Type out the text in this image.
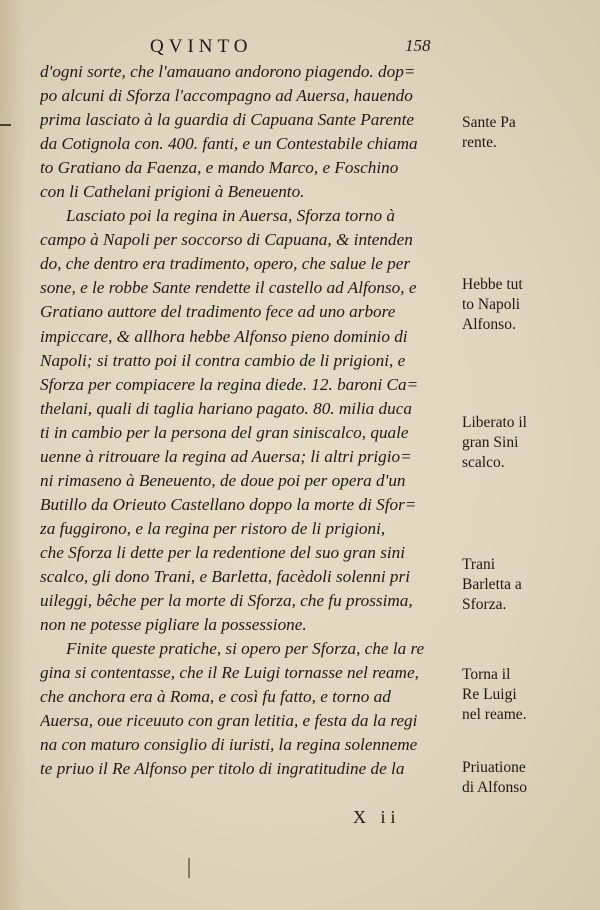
QVINTO	158
d'ogni sorte, che l'amauano andorono piagendo. dop=
po alcuni di Sforza l'accompagno ad Auersa, hauendo
prima lasciato à la guardia di Capuana Sante Parente
da Cotignola con. 400. fanti, e un Contestabile chiama
to Gratiano da Faenza, e mando Marco, e Foschino
con li Cathelani prigioni à Beneuento.
Lasciato poi la regina in Auersa, Sforza torno à
campo à Napoli per soccorso di Capuana, & intenden
do, che dentro era tradimento, opero, che salue le per
sone, e le robbe Sante rendette il castello ad Alfonso, e
Gratiano auttore del tradimento fece ad uno arbore
impiccare, & allhora hebbe Alfonso pieno dominio di
Napoli; si tratto poi il contra cambio de li prigioni, e
Sforza per compiacere la regina diede. 12. baroni Ca=
thelani, quali di taglia hariano pagato. 80. milia duca
ti in cambio per la persona del gran siniscalco, quale
uenne à ritrouare la regina ad Auersa; li altri prigio=
ni rimaseno à Beneuento, de doue poi per opera d'un
Butillo da Orieuto Castellano doppo la morte di Sfor=
za fuggirono, e la regina per ristoro de li prigioni,
che Sforza li dette per la redentione del suo gran sini
scalco, gli dono Trani, e Barletta, facèdoli solenni pri
uileggi, bêche per la morte di Sforza, che fu prossima,
non ne potesse pigliare la possessione.
Finite queste pratiche, si opero per Sforza, che la re
gina si contentasse, che il Re Luigi tornasse nel reame,
che anchora era à Roma, e così fu fatto, e torno ad
Auersa, oue riceuuto con gran letitia, e festa da la regi
na con maturo consiglio di iuristi, la regina solenneme
te priuo il Re Alfonso per titolo di ingratitudine de la
Sante Pa
rente.
Hebbe tut
to Napoli
Alfonso.
Liberato il
gran Sini
scalco.
Trani
Barletta a
Sforza.
Torna il
Re Luigi
nel reame.
Priuatione
di Alfonso
X ii
